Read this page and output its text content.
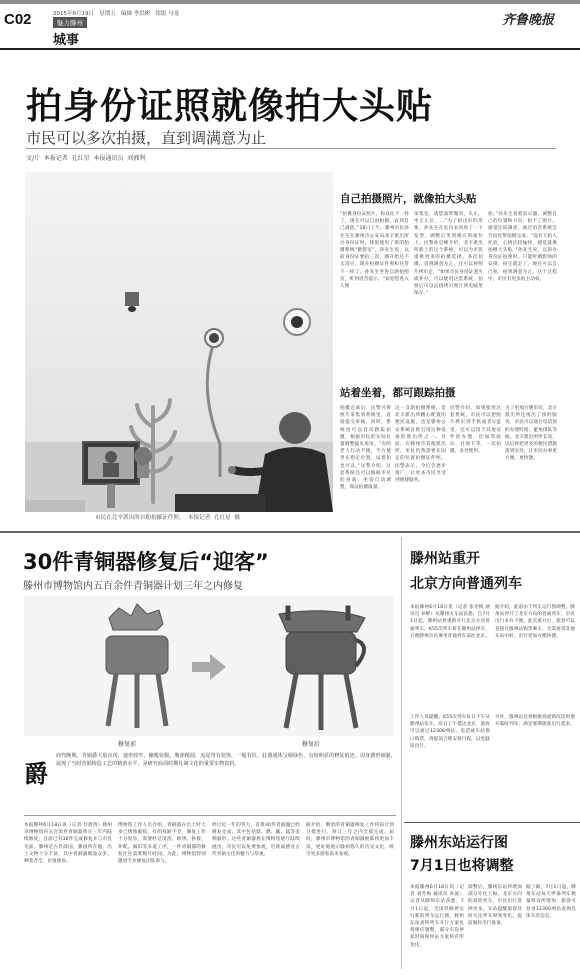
C02	2015年6月19日   星期五   编辑 李洪彬   组版 马龙
魅力滕州
城事
齐鲁晚报
拍身份证照就像拍大头贴
市民可以多次拍摄，直到调满意为止
文/片  本报记者  孔红星  本报通讯员  刘湘利
市民在北辛派出所自助拍摄证件照。  本报记者  孔红星  摄
自己拍摄照片，就像拍大头贴
“拍摄身份证照片，和以往不一样了，现在可以自由拍摄，直到自己满意。”18日上午，滕州市民孙先生在滕州市公安局北辛派出所办身份证时，体验使用了新的拍摄系统“摄影室”。孙先生说，以前身份证要拍三次，刚开始还不太适应，现在拍摄证件照和往常不一样了。孙先生坐进自助拍照室，听到语音提示，“欢迎您进入人像
采集室，请您面带微笑，头正，坐正正位，…”为了拍出好的形象，孙先生在室内来回看了一下发型，调整后坐到相应的座位上。民警孙启峰介绍，北辛派出所新上的这个系统，可以为市民提供更多的拍摄选择。多次拍摄，直到满意为止，还可以将照片拷贝走，“如果市民身份证遗失或补办，可以使用这套系统，拍照后可以直接拷贝照片到电脑里保存。”
检。”孙先生看着显示器，调整自己的位置和方向，拍下了照片。感觉比较满意，通过语音系统会告诉民警拍摄完成。“没有天拍人化验，心情比较愉快，感觉就像拍摄大头贴。”孙先生说，以前办身份证拍照时，只能听摄影师的安排，拍完就走了，现在可以自己拍，拍到满意为止。这个过程中，市民有更多的主动权。
站着坐着，都可跟踪拍摄
拍摄完成后，民警可将照片采集到系统里，直接提交审核。同时，系统也可以自动跟踪拍摄，根据市民的实际位置调整镜头角度。“有的老人行动不便，不方便坐在指定位置，站着拍也可以。”民警介绍，这套系统还可以根据市民的身高、坐姿自动调整，保证拍摄质量。
这一自助拍摄系统，是北辛派出所精心配置的便民设施，也是滕州公安系统首批启用这种设备的派出所之一。目前，在滕州市其他派出所，市民仍然需要在固定的位置拍摄证件照。民警表示，今后会逐步推广，让更多市民享受到便捷服务。
民警介绍，如果使用这套系统，市民可以把照片拷贝到手机或者U盘里，还可以用于其他证件的办理，比如驾驶证、社保卡等，一次拍摄，多处使用。
为了更加方便市民，北辛派出所还推出了预约服务，市民可以通过电话预约办理时间，避免排队等候。北辛派出所所长说，以后将把更多的便民措施落到实处，让市民办事更方便、更快捷。
30件青铜器修复后“迎客”
滕州市博物馆内五百余件青铜器计划三年之内修复
修复前	修复后
爵
商代晚期，青铜爵大量出现，通形较窄，橄榄状腹，腹部稍圆，流尾带有装饰，一般有柱。此器通体呈铜绿色，有较明显的修复痕迹。周身器形细腻，展现了当时青铜铸造工艺的精湛水平，是研究商周时期礼制文化的重要实物资料。
本报滕州6月18日讯（记者 甘倩倩）滕州市博物馆内五百余件青铜器将在三年内陆续修复，目前已有30件完成修复并与市民见面。滕州是古代薛国、滕国所在地，出土文物十分丰富，其中青铜器数量众多、种类齐全、价值极高。
博物馆工作人员介绍，青铜器在出土时大多已锈蚀破损，有的残缺不全，修复工作十分复杂，需要经过清洗、除锈、拼接、补配、做旧等多道工序，一件青铜器的修复往往需要数月时间。为此，博物馆特别邀请专业修复团队参与。
经过近一年的努力，首批30件青铜器已经修复完成，其中包括鼎、爵、觚、簋等多种器形。这些青铜器将在博物馆展厅陆续展出，市民可以免费参观，近距离感受古代青铜文化的魅力与厚重。
据介绍，剩余的青铜器修复工作将按计划分批进行，预计三年之内全部完成。届时，滕州市博物馆的青铜器展陈将更加丰富，更好地展示滕州悠久的历史文化，吸引更多游客前来参观。
滕州站重开
北京方向普通列车
本报滕州6月18日讯（记者 张冬梅 通讯员 孙彬）从滕州火车站获悉，自7月1日起，滕州站将重新开行北京方向普通列车，K55次列车将在滕州站停车，方便滕州市民乘坐普通列车前往北京。
据介绍，此前由于列车运行图调整，滕州站停开了北京方向的普通列车，市民出行多有不便。此次重开后，旅客可以直接在滕州站购票乘车，无需再到其他车站中转，出行更加方便快捷。
工作人员提醒，K55次列车每日下午从滕州站发车，次日上午抵达北京，旅客可以通过12306网站、电话或车站窗口购票，请提前合理安排行程，以免耽误出行。
另外，滕州站还将根据客流情况适时增开临时列车，满足暑期旅客出行需求。
滕州东站运行图
7月1日也将调整
本报滕州6月18日讯（记者 刘冬梅 通讯员 孙波）记者从滕州东站获悉，7月1日起，全国铁路将实行新的列车运行图，滕州东站高铁列车开行方案也将相应调整，部分车次停靠时间和停站方案将有所变化。
调整后，滕州东站将增加部分开往上海、北京方向的高铁列车，市民出行选择更多。车站提醒旅客及时关注列车时刻变化，提前做好出行准备。
据了解，7月1日起，滕州东站每天停靠列车数量将有所增加，旅客可登录12306网站查询具体车次信息。
